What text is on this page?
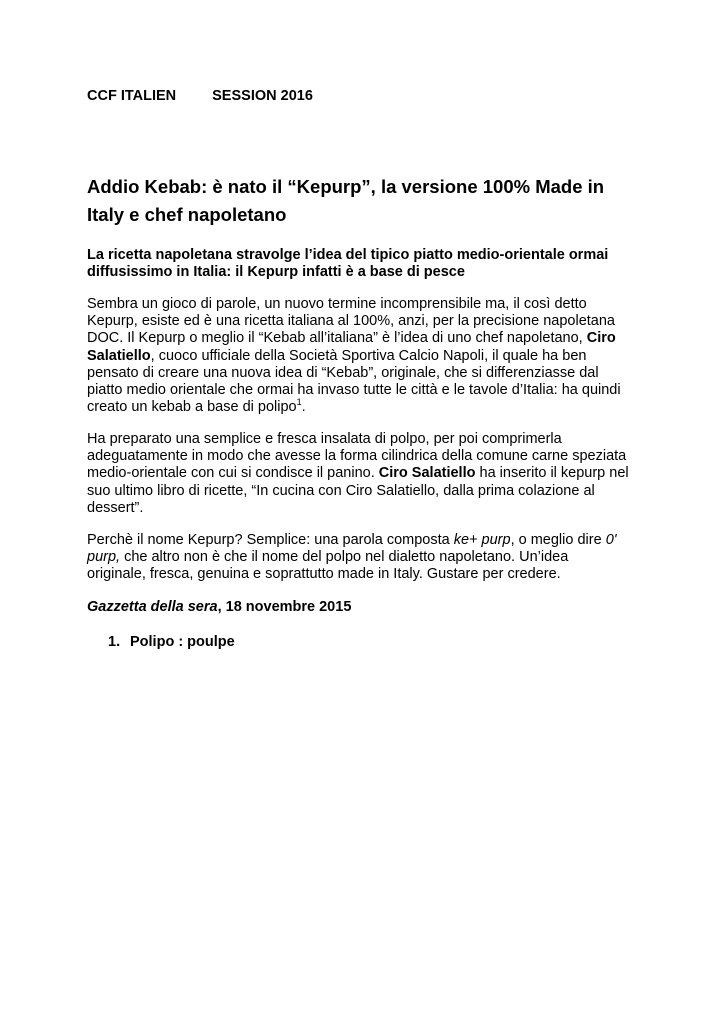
CCF ITALIEN SESSION 2016
Addio Kebab: è nato il “Kepurp”, la versione 100% Made in
Italy e chef napoletano

La ricetta napoletana stravolge l’idea del tipico piatto medio-orientale ormai
diffusissimo in Italia: il Kepurp infatti è a base di pesce

Sembra un gioco di parole, un nuovo termine incomprensibile ma, il così detto
Kepurp, esiste ed è una ricetta italiana al 100%, anzi, per la precisione napoletana
DOC. Il Kepurp o meglio il “Kebab all’italiana” è l’idea di uno chef napoletano, Ciro
Salatiello, cuoco ufficiale della Società Sportiva Calcio Napoli, il quale ha ben
pensato di creare una nuova idea di “Kebab”, originale, che si differenziasse dal
piatto medio orientale che ormai ha invaso tutte le città e le tavole d’Italia: ha quindi
creato un kebab a base di polipo$^1$.

Ha preparato una semplice e fresca insalata di polpo, per poi comprimerla
adeguatamente in modo che avesse la forma cilindrica della comune carne speziata
medio-orientale con cui si condisce il panino. Ciro Salatiello ha inserito il kepurp nel
suo ultimo libro di ricette, “In cucina con Ciro Salatiello, dalla prima colazione al
dessert”.

Perchè il nome Kepurp? Semplice: una parola composta ke+ purp, o meglio dire 0'
purp, che altro non è che il nome del polpo nel dialetto napoletano. Un’idea
originale, fresca, genuina e soprattutto made in Italy. Gustare per credere.

Gazzetta della sera, 18 novembre 2015
1. Polipo : poulpe
